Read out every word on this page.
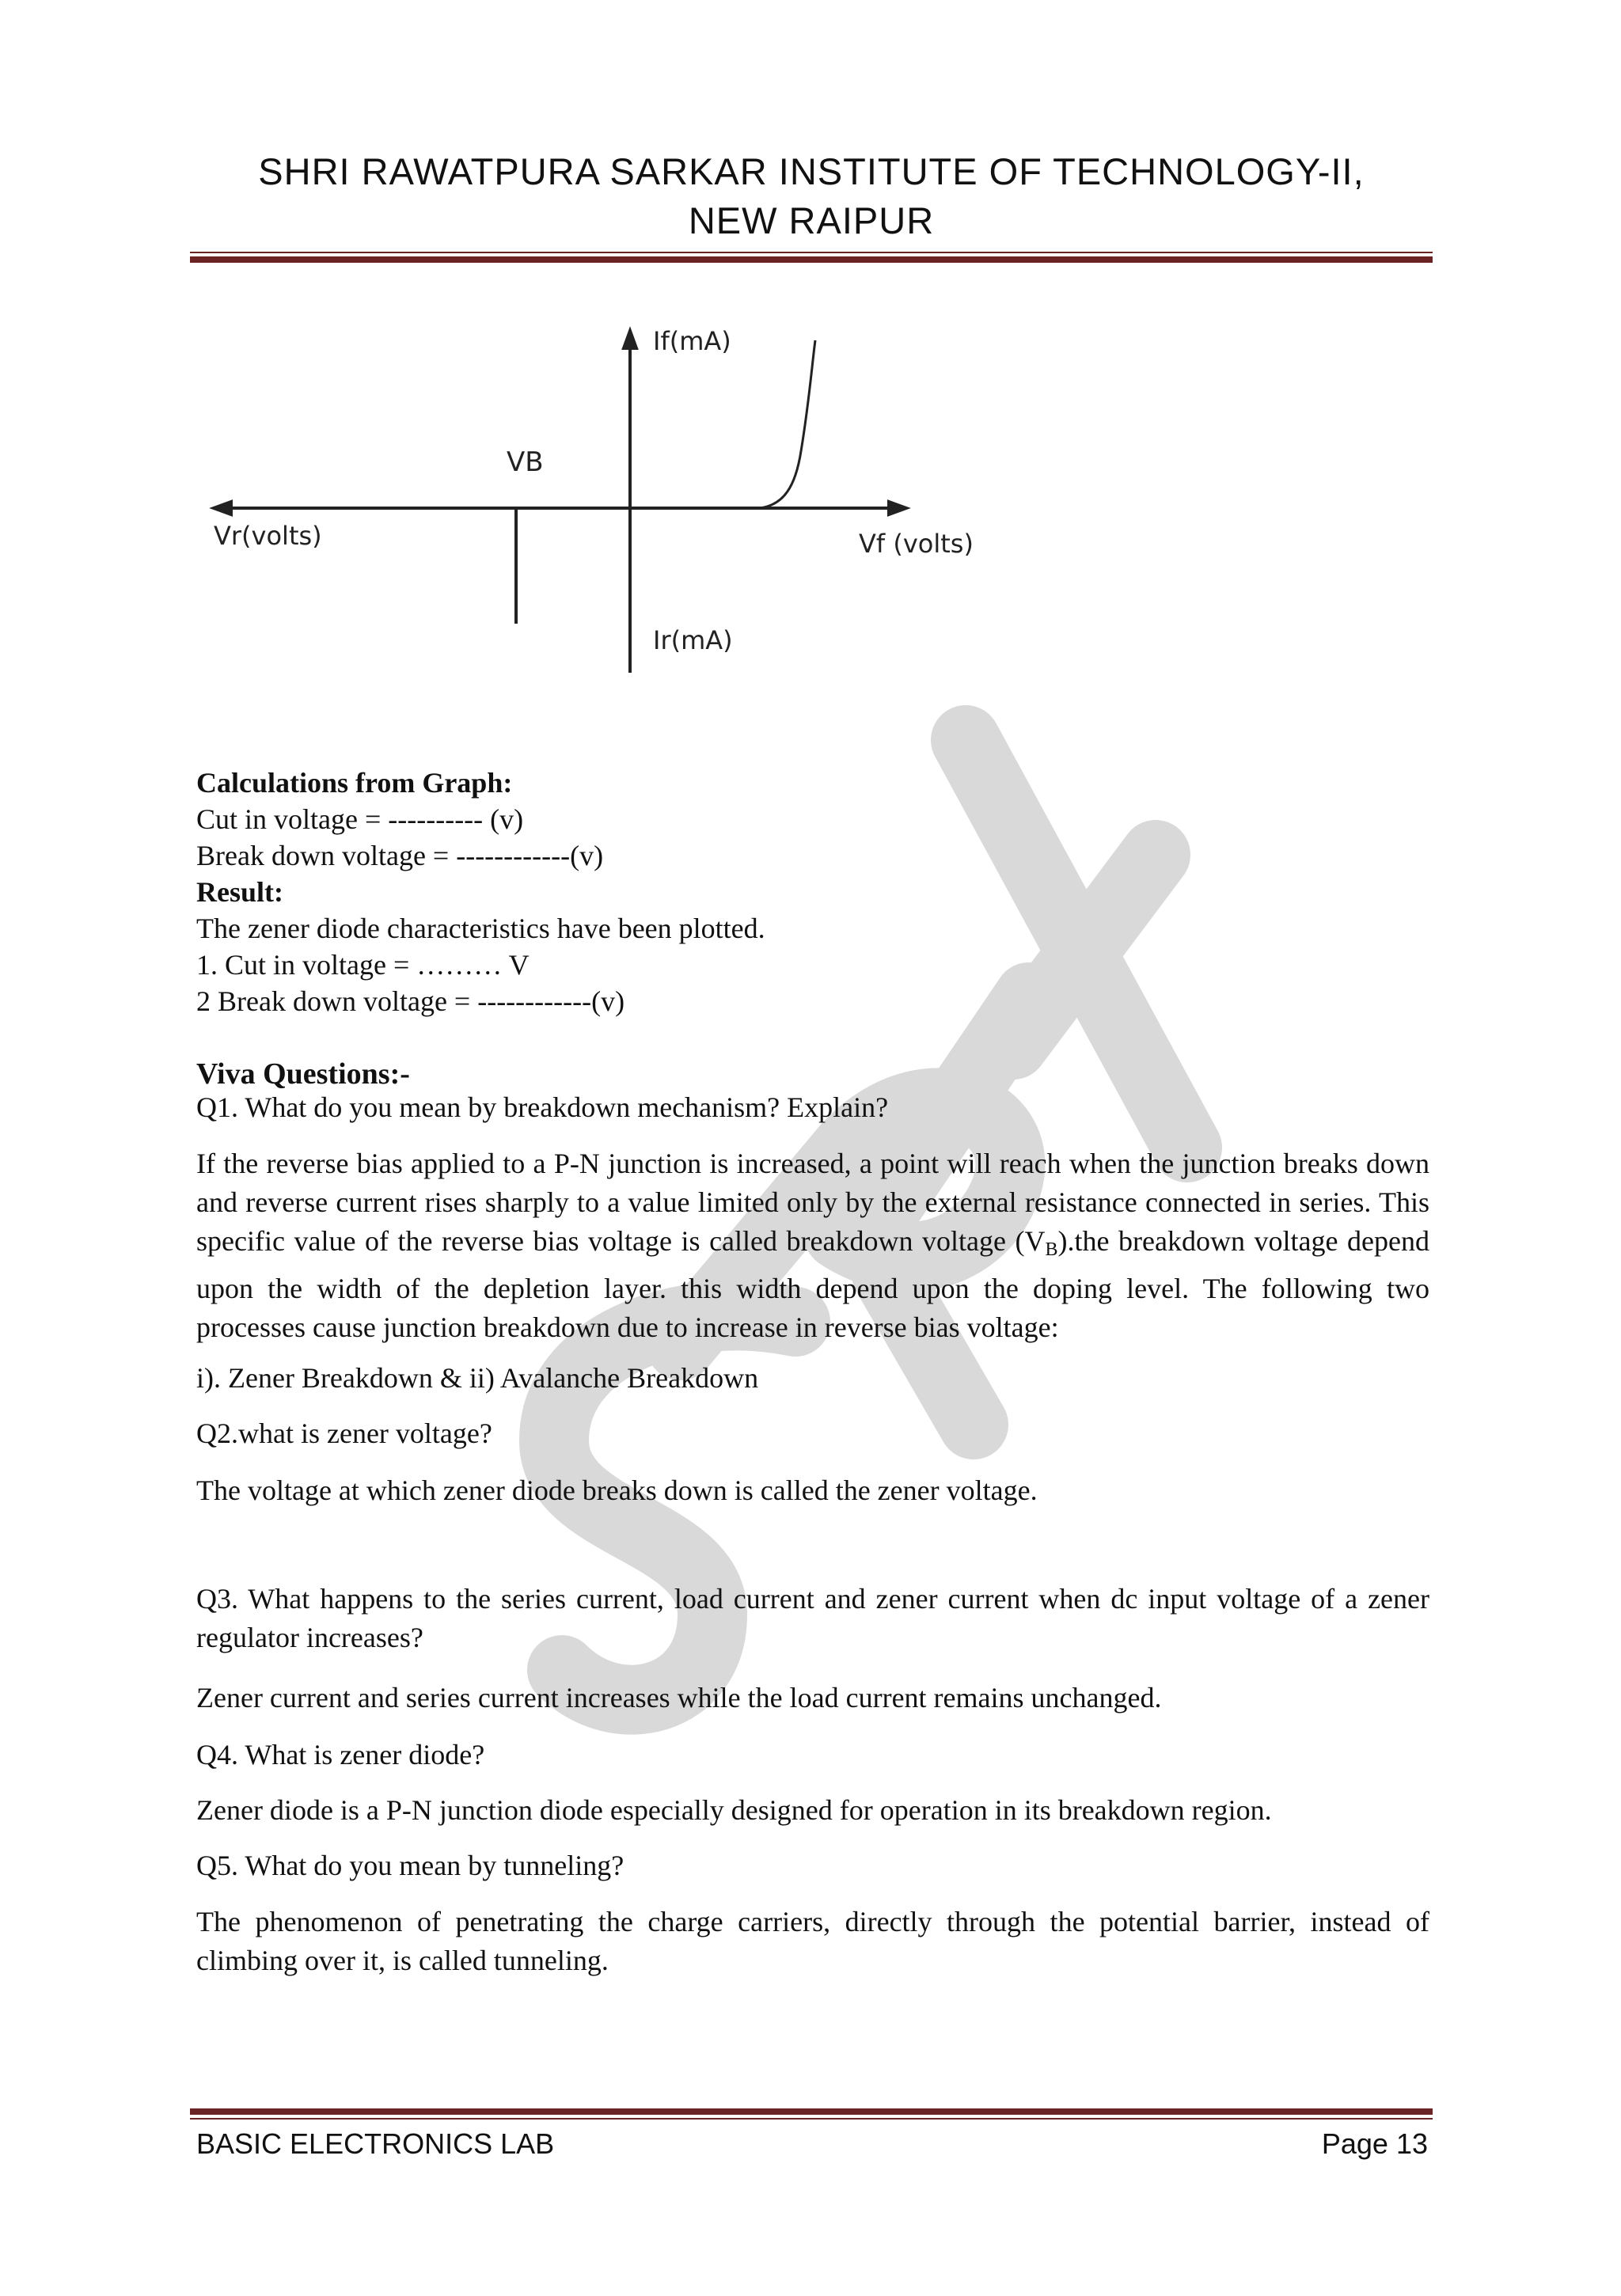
SHRI RAWATPURA SARKAR INSTITUTE OF TECHNOLOGY-II,
NEW RAIPUR
If(mA)
Ir(mA)
Vr(volts)	Vf (volts)
VB
Calculations from Graph:
Cut in voltage = ---------- (v)
Break down voltage = ------------(v)
Result:
The zener diode characteristics have been plotted.
1. Cut in voltage = ……… V
2 Break down voltage = ------------(v)
Viva Questions:-
Q1. What do you mean by breakdown mechanism? Explain?
If the reverse bias applied to a P-N junction is increased, a point will reach when the junction breaks down and reverse current rises sharply to a value limited only by the external resistance connected in series. This specific value of the reverse bias voltage is called breakdown voltage $(V_B).the$ breakdown voltage depend upon the width of the depletion layer. this width depend upon the doping level. The following two processes cause junction breakdown due to increase in reverse bias voltage:
i). Zener Breakdown & ii) Avalanche Breakdown
Q2.what is zener voltage?
The voltage at which zener diode breaks down is called the zener voltage.
Q3. What happens to the series current, load current and zener current when dc input voltage of a zener regulator increases?
Zener current and series current increases while the load current remains unchanged.
Q4. What is zener diode?
Zener diode is a P-N junction diode especially designed for operation in its breakdown region.
Q5. What do you mean by tunneling?
The phenomenon of penetrating the charge carriers, directly through the potential barrier, instead of climbing over it, is called tunneling.
BASIC ELECTRONICS LAB	Page 13
